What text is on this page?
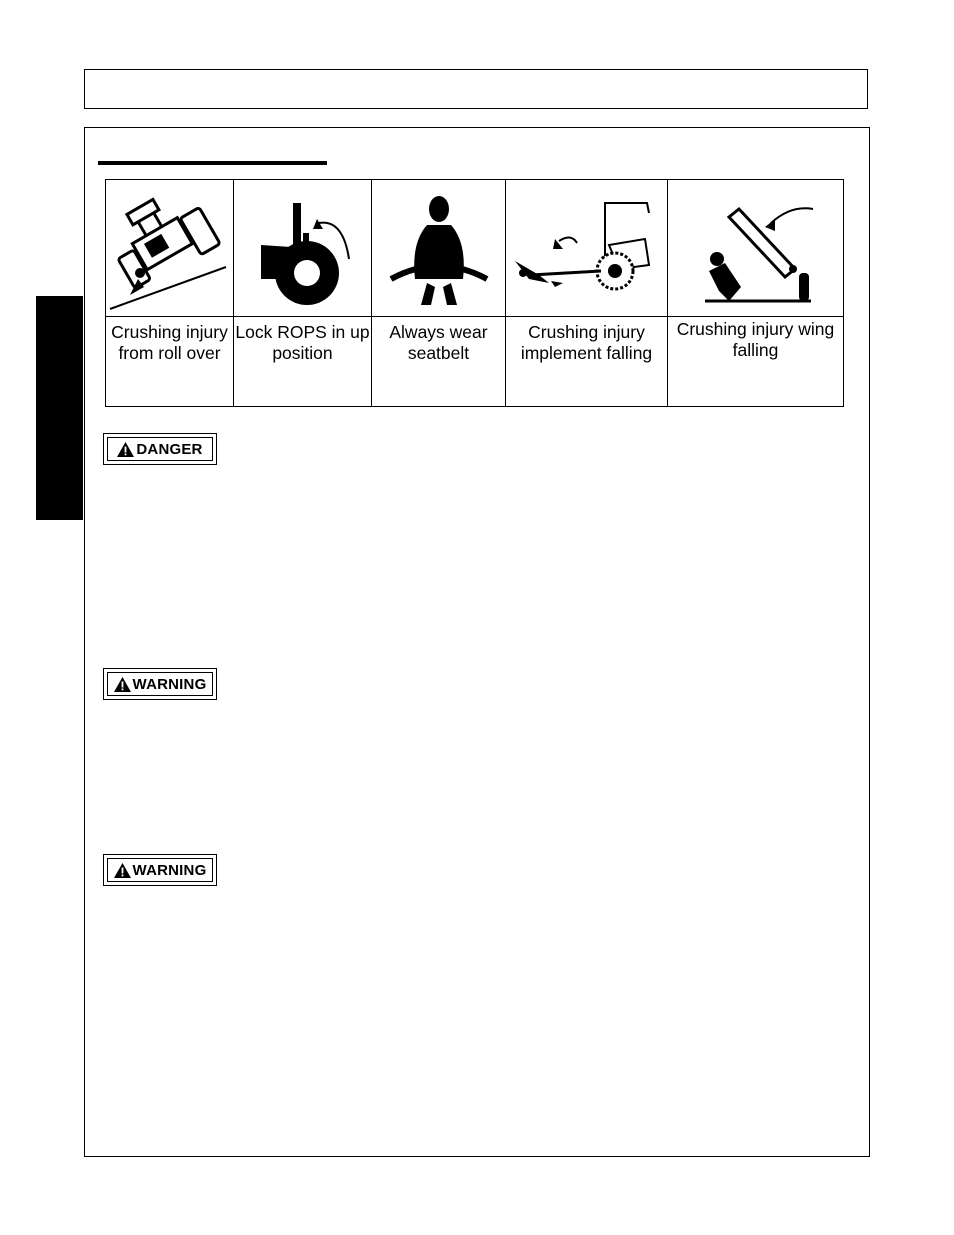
Crushing injury from roll over	Lock ROPS in up position	Always wear seatbelt	Crushing injury implement falling	Crushing injury wing falling
DANGER
WARNING
WARNING
